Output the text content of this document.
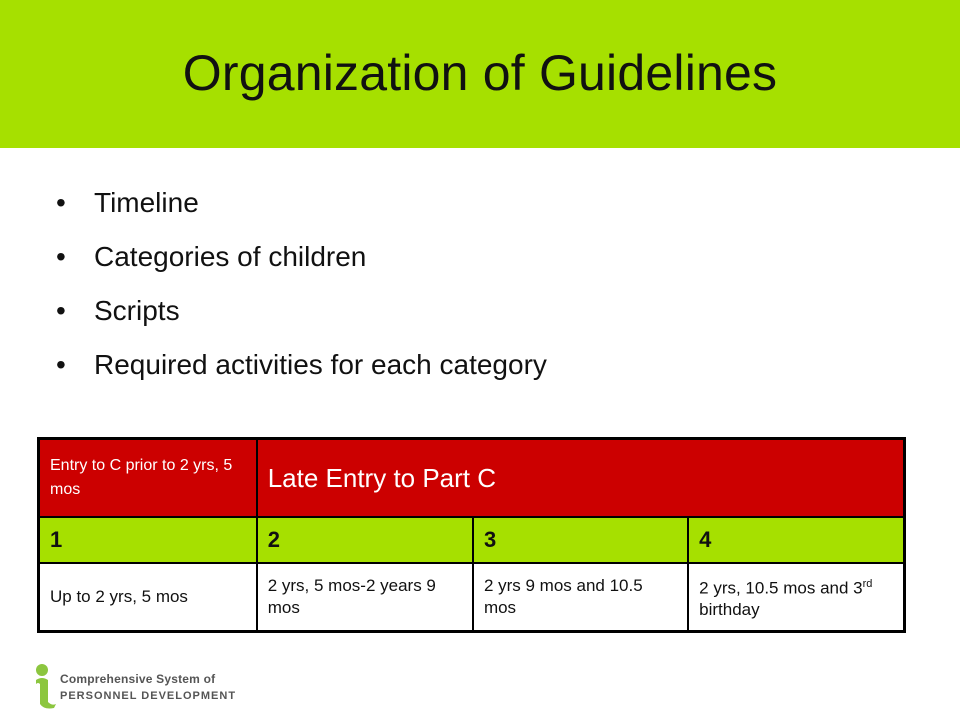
Organization of Guidelines
•	Timeline
•	Categories of children
•	Scripts
•	Required activities for each category
Entry to C prior to 2 yrs, 5 mos	Late Entry to Part C		
1	2	3	4
Up to 2 yrs, 5 mos	2 yrs, 5 mos-2 years 9 mos	2 yrs 9 mos and 10.5 mos	2 yrs, 10.5 mos and 3rd birthday
Comprehensive System of
PERSONNEL DEVELOPMENT
